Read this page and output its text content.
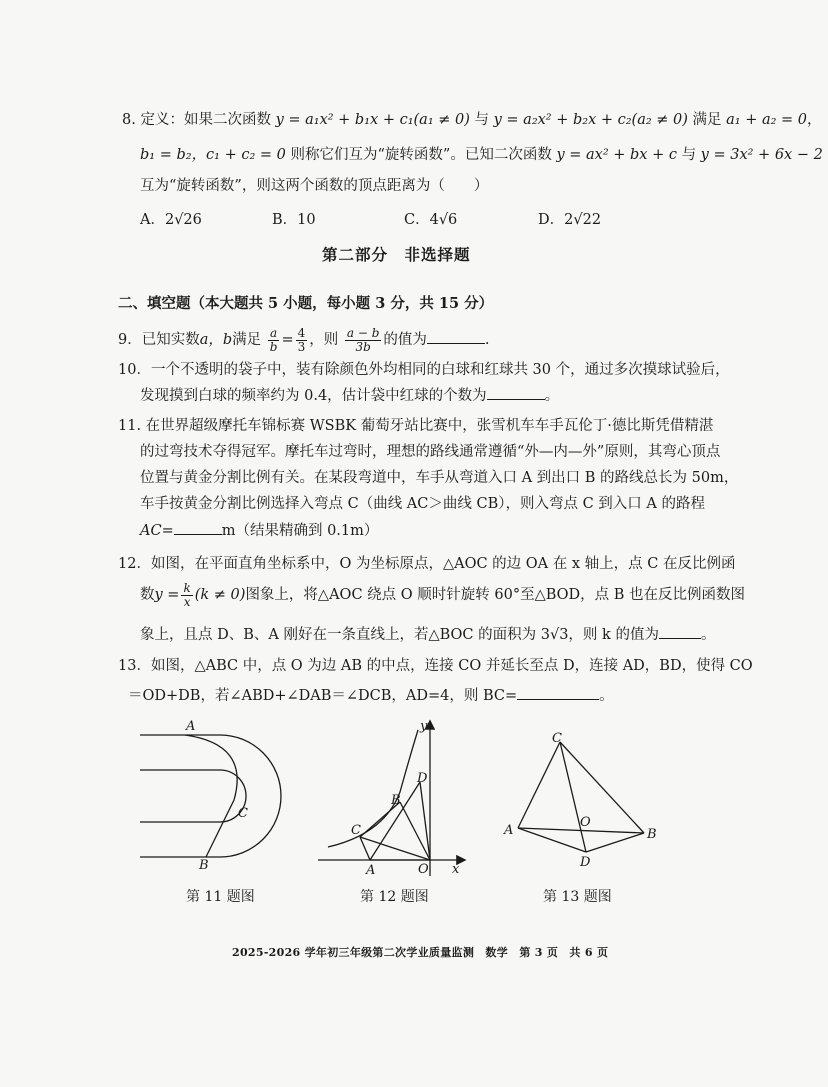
8. 定义：如果二次函数 y = a₁x² + b₁x + c₁(a₁ ≠ 0) 与 y = a₂x² + b₂x + c₂(a₂ ≠ 0) 满足 a₁ + a₂ = 0，
b₁ = b₂，c₁ + c₂ = 0 则称它们互为“旋转函数”。已知二次函数 y = ax² + bx + c 与 y = 3x² + 6x − 2
互为“旋转函数”，则这两个函数的顶点距离为（　　）
A．2√26	B．10	C．4√6	D．2√22
第二部分　非选择题
二、填空题（本大题共 5 小题，每小题 3 分，共 15 分）
9．已知实数a，b满足 $\frac{a}{b} = \frac{4}{3}$ ，则 $\frac{a - b}{3b}$ 的值为	.
10．一个不透明的袋子中，装有除颜色外均相同的白球和红球共 30 个，通过多次摸球试验后，
发现摸到白球的频率约为 0.4，估计袋中红球的个数为	。
11. 在世界超级摩托车锦标赛 WSBK 葡萄牙站比赛中，张雪机车车手瓦伦丁·德比斯凭借精湛
的过弯技术夺得冠军。摩托车过弯时，理想的路线通常遵循“外—内—外”原则，其弯心顶点
位置与黄金分割比例有关。在某段弯道中，车手从弯道入口 A 到出口 B 的路线总长为 50m，
车手按黄金分割比例选择入弯点 C（曲线 AC＞曲线 CB），则入弯点 C 到入口 A 的路程
AC=	m（结果精确到 0.1m）
12．如图，在平面直角坐标系中，O 为坐标原点，△AOC 的边 OA 在 x 轴上，点 C 在反比例函
数$y = \frac{k}{x} (k \ne 0)$图象上，将△AOC 绕点 O 顺时针旋转 60°至△BOD，点 B 也在反比例函数图
象上，且点 D、B、A 刚好在一条直线上，若△BOC 的面积为 3√3，则 k 的值为	。
13．如图，△ABC 中，点 O 为边 AB 的中点，连接 CO 并延长至点 D，连接 AD，BD，使得 CO
＝OD+DB，若∠ABD+∠DAB＝∠DCB，AD=4，则 BC=	。
A
C
B
第 11 题图
y
x
O
A
B
C
D
第 12 题图
C
A	B
O
D
第 13 题图
2025-2026 学年初三年级第二次学业质量监测　数学　第 3 页　共 6 页
